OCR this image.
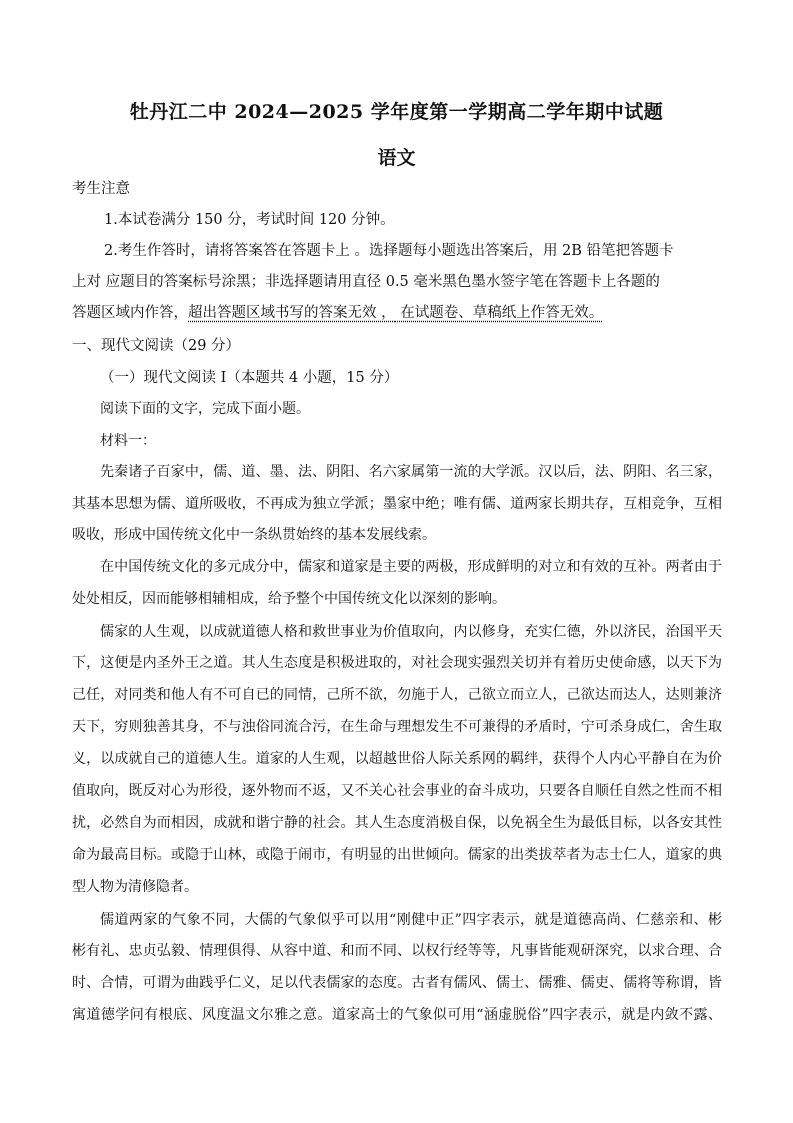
牡丹江二中 2024—2025 学年度第一学期高二学年期中试题
语文
考生注意
1.本试卷满分 150 分，考试时间 120 分钟。
2.考生作答时，请将答案答在答题卡上 。选择题每小题选出答案后，用 2B 铅笔把答题卡
上对 应题目的答案标号涂黑；非选择题请用直径 0.5 毫米黑色墨水签字笔在答题卡上各题的
答题区域内作答，超出答题区域书写的答案无效 ， 在试题卷、草稿纸上作答无效。
一、现代文阅读（29 分）
（一）现代文阅读 I（本题共 4 小题，15 分）
阅读下面的文字，完成下面小题。
材料一：
先秦诸子百家中，儒、道、墨、法、阴阳、名六家属第一流的大学派。汉以后，法、阴阳、名三家，
其基本思想为儒、道所吸收，不再成为独立学派；墨家中绝；唯有儒、道两家长期共存，互相竞争，互相
吸收，形成中国传统文化中一条纵贯始终的基本发展线索。
在中国传统文化的多元成分中，儒家和道家是主要的两极，形成鲜明的对立和有效的互补。两者由于
处处相反，因而能够相辅相成，给予整个中国传统文化以深刻的影响。
儒家的人生观，以成就道德人格和救世事业为价值取向，内以修身，充实仁德，外以济民，治国平天
下，这便是内圣外王之道。其人生态度是积极进取的，对社会现实强烈关切并有着历史使命感，以天下为
己任，对同类和他人有不可自已的同情，己所不欲，勿施于人，己欲立而立人，己欲达而达人，达则兼济
天下，穷则独善其身，不与浊俗同流合污，在生命与理想发生不可兼得的矛盾时，宁可杀身成仁，舍生取
义，以成就自己的道德人生。道家的人生观，以超越世俗人际关系网的羁绊，获得个人内心平静自在为价
值取向，既反对心为形役，逐外物而不返，又不关心社会事业的奋斗成功，只要各自顺任自然之性而不相
扰，必然自为而相因，成就和谐宁静的社会。其人生态度消极自保，以免祸全生为最低目标，以各安其性
命为最高目标。或隐于山林，或隐于闹市，有明显的出世倾向。儒家的出类拔萃者为志士仁人，道家的典
型人物为清修隐者。
儒道两家的气象不同，大儒的气象似乎可以用“刚健中正”四字表示，就是道德高尚、仁慈亲和、彬
彬有礼、忠贞弘毅、情理俱得、从容中道、和而不同、以权行经等等，凡事皆能观研深究，以求合理、合
时、合情，可谓为曲践乎仁义，足以代表儒家的态度。古者有儒风、儒士、儒雅、儒吏、儒将等称谓，皆
寓道德学问有根底、风度温文尔雅之意。道家高士的气象似可用“涵虚脱俗”四字表示，就是内敛不露、
